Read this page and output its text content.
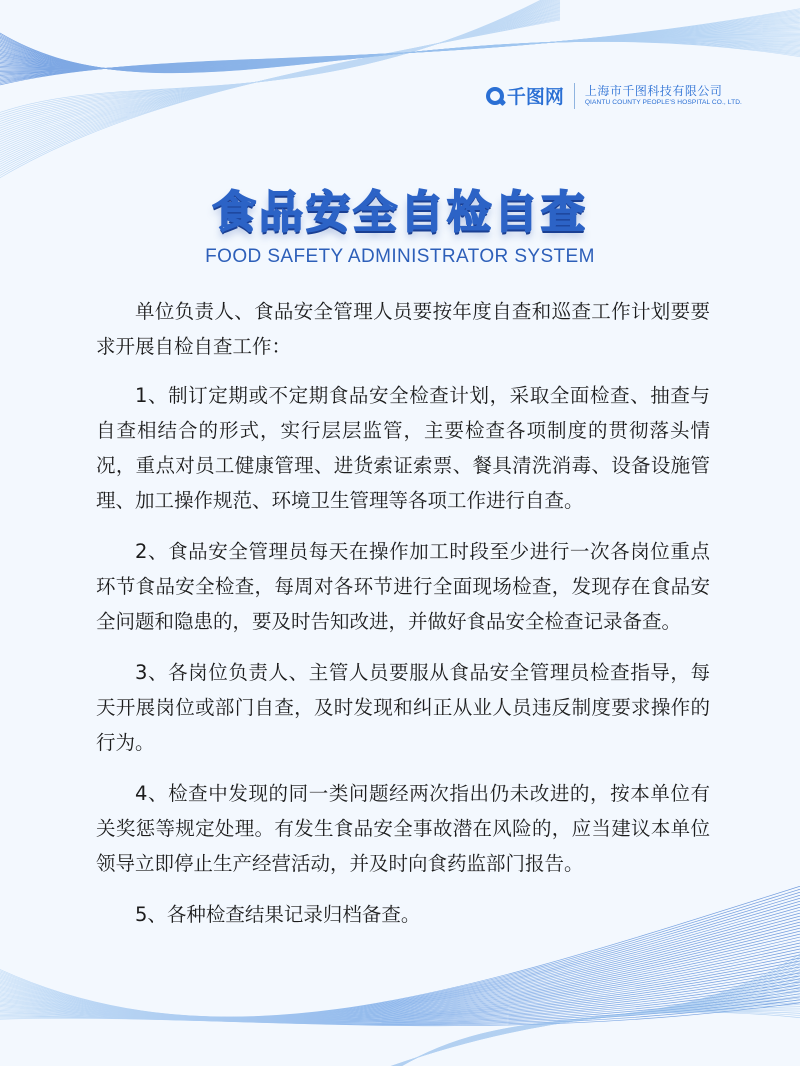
千图网 上海市千图科技有限公司
QIANTU COUNTY PEOPLE'S HOSPITAL CO., LTD.
食品安全自检自查

FOOD SAFETY ADMINISTRATOR SYSTEM

单位负责人、食品安全管理人员要按年度自查和巡查工作计划要要求开展自检自查工作：

1、制订定期或不定期食品安全检查计划，采取全面检查、抽查与自查相结合的形式，实行层层监管，主要检查各项制度的贯彻落头情况，重点对员工健康管理、进货索证索票、餐具清洗消毒、设备设施管理、加工操作规范、环境卫生管理等各项工作进行自查。

2、食品安全管理员每天在操作加工时段至少进行一次各岗位重点环节食品安全检查，每周对各环节进行全面现场检查，发现存在食品安全问题和隐患的，要及时告知改进，并做好食品安全检查记录备查。

3、各岗位负责人、主管人员要服从食品安全管理员检查指导，每天开展岗位或部门自查，及时发现和纠正从业人员违反制度要求操作的行为。

4、检查中发现的同一类问题经两次指出仍未改进的，按本单位有关奖惩等规定处理。有发生食品安全事故潜在风险的，应当建议本单位领导立即停止生产经营活动，并及时向食药监部门报告。

5、各种检查结果记录归档备查。
